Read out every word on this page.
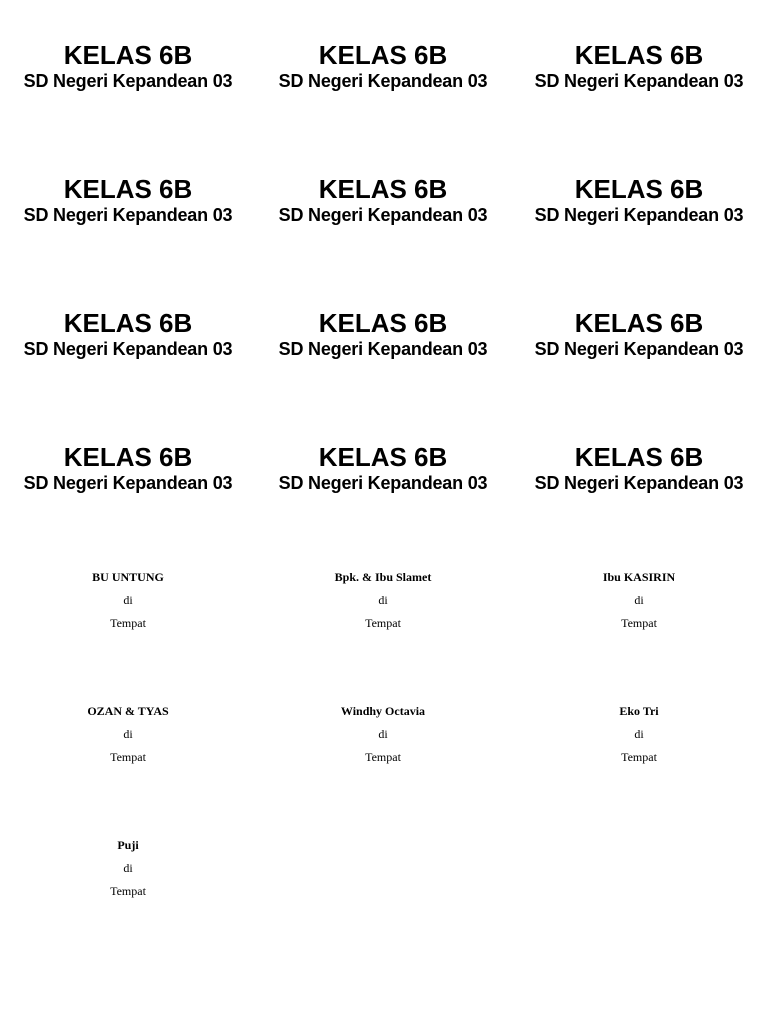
KELAS 6B
SD Negeri Kepandean 03
KELAS 6B
SD Negeri Kepandean 03
KELAS 6B
SD Negeri Kepandean 03
KELAS 6B
SD Negeri Kepandean 03
KELAS 6B
SD Negeri Kepandean 03
KELAS 6B
SD Negeri Kepandean 03
KELAS 6B
SD Negeri Kepandean 03
KELAS 6B
SD Negeri Kepandean 03
KELAS 6B
SD Negeri Kepandean 03
KELAS 6B
SD Negeri Kepandean 03
KELAS 6B
SD Negeri Kepandean 03
KELAS 6B
SD Negeri Kepandean 03
BU UNTUNG
di
Tempat
Bpk. & Ibu Slamet
di
Tempat
Ibu KASIRIN
di
Tempat
OZAN & TYAS
di
Tempat
Windhy Octavia
di
Tempat
Eko Tri
di
Tempat
Puji
di
Tempat
